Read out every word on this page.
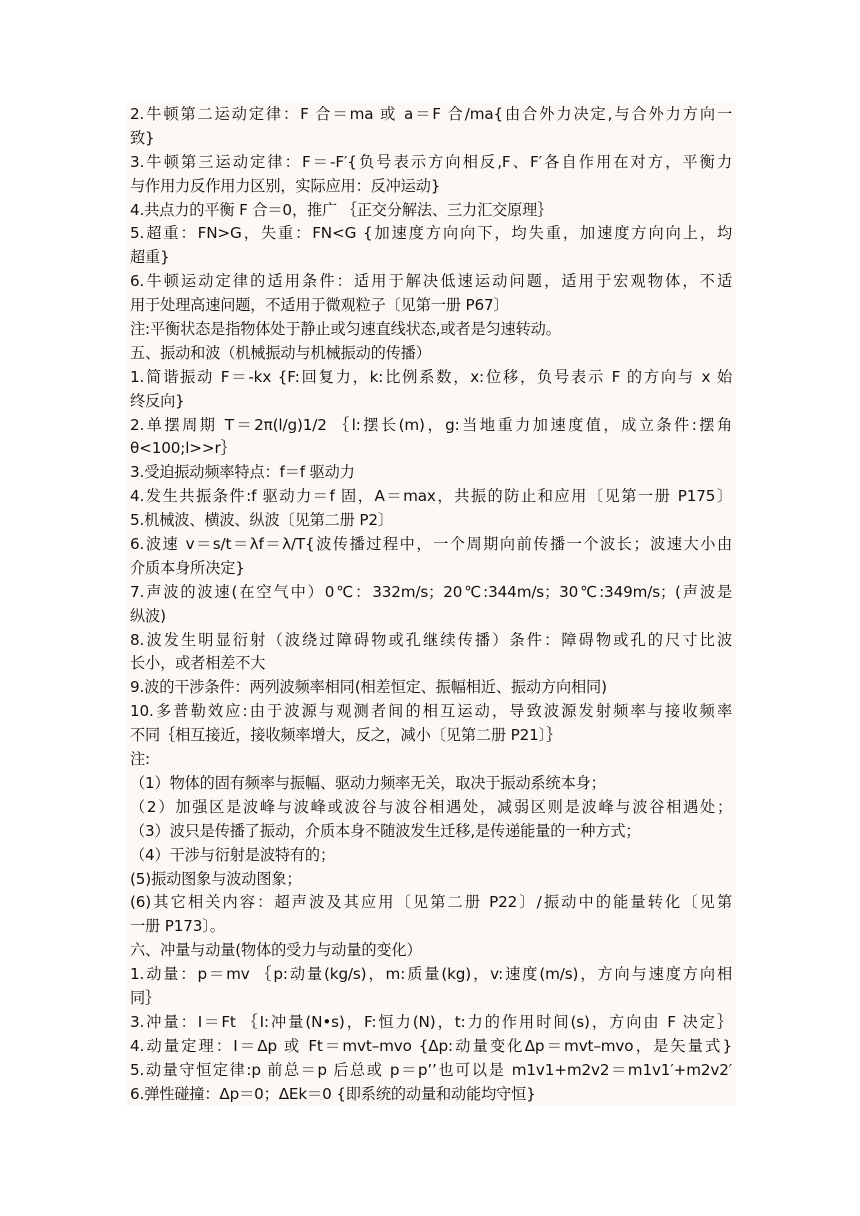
2.牛顿第二运动定律：F 合＝ma 或 a＝F 合/ma{由合外力决定,与合外力方向一
致}
3.牛顿第三运动定律：F＝-F′{负号表示方向相反,F、F′各自作用在对方，平衡力
与作用力反作用力区别，实际应用：反冲运动}
4.共点力的平衡 F 合＝0，推广 ｛正交分解法、三力汇交原理｝
5.超重：FN>G，失重：FN<G {加速度方向向下，均失重，加速度方向向上，均
超重}
6.牛顿运动定律的适用条件：适用于解决低速运动问题，适用于宏观物体，不适
用于处理高速问题，不适用于微观粒子〔见第一册 P67〕
注:平衡状态是指物体处于静止或匀速直线状态,或者是匀速转动。
五、振动和波（机械振动与机械振动的传播）
1.简谐振动 F＝-kx {F:回复力，k:比例系数，x:位移，负号表示 F 的方向与 x 始
终反向}
2.单摆周期 T＝2π(l/g)1/2 ｛l:摆长(m)，g:当地重力加速度值，成立条件:摆角
θ<100;l>>r｝
3.受迫振动频率特点：f＝f 驱动力
4.发生共振条件:f 驱动力＝f 固，A＝max，共振的防止和应用〔见第一册 P175〕
5.机械波、横波、纵波〔见第二册 P2〕
6.波速 v＝s/t＝λf＝λ/T{波传播过程中，一个周期向前传播一个波长；波速大小由
介质本身所决定}
7.声波的波速(在空气中）0℃：332m/s；20℃:344m/s；30℃:349m/s；(声波是
纵波)
8.波发生明显衍射（波绕过障碍物或孔继续传播）条件：障碍物或孔的尺寸比波
长小，或者相差不大
9.波的干涉条件：两列波频率相同(相差恒定、振幅相近、振动方向相同)
10.多普勒效应:由于波源与观测者间的相互运动，导致波源发射频率与接收频率
不同｛相互接近，接收频率增大，反之，减小〔见第二册 P21〕｝
注:
（1）物体的固有频率与振幅、驱动力频率无关，取决于振动系统本身；
（2）加强区是波峰与波峰或波谷与波谷相遇处，减弱区则是波峰与波谷相遇处；
（3）波只是传播了振动，介质本身不随波发生迁移,是传递能量的一种方式；
（4）干涉与衍射是波特有的；
(5)振动图象与波动图象；
(6)其它相关内容：超声波及其应用〔见第二册 P22〕/振动中的能量转化〔见第
一册 P173〕。
六、冲量与动量(物体的受力与动量的变化）
1.动量：p＝mv ｛p:动量(kg/s)，m:质量(kg)，v:速度(m/s)，方向与速度方向相
同｝
3.冲量：I＝Ft ｛I:冲量(N•s)，F:恒力(N)，t:力的作用时间(s)，方向由 F 决定｝
4.动量定理：I＝Δp 或 Ft＝mvt–mvo {Δp:动量变化Δp＝mvt–mvo，是矢量式}
5.动量守恒定律:p 前总＝p 后总或 p＝p’’也可以是 m1v1+m2v2＝m1v1′+m2v2′
6.弹性碰撞：Δp＝0；ΔEk＝0 {即系统的动量和动能均守恒}
